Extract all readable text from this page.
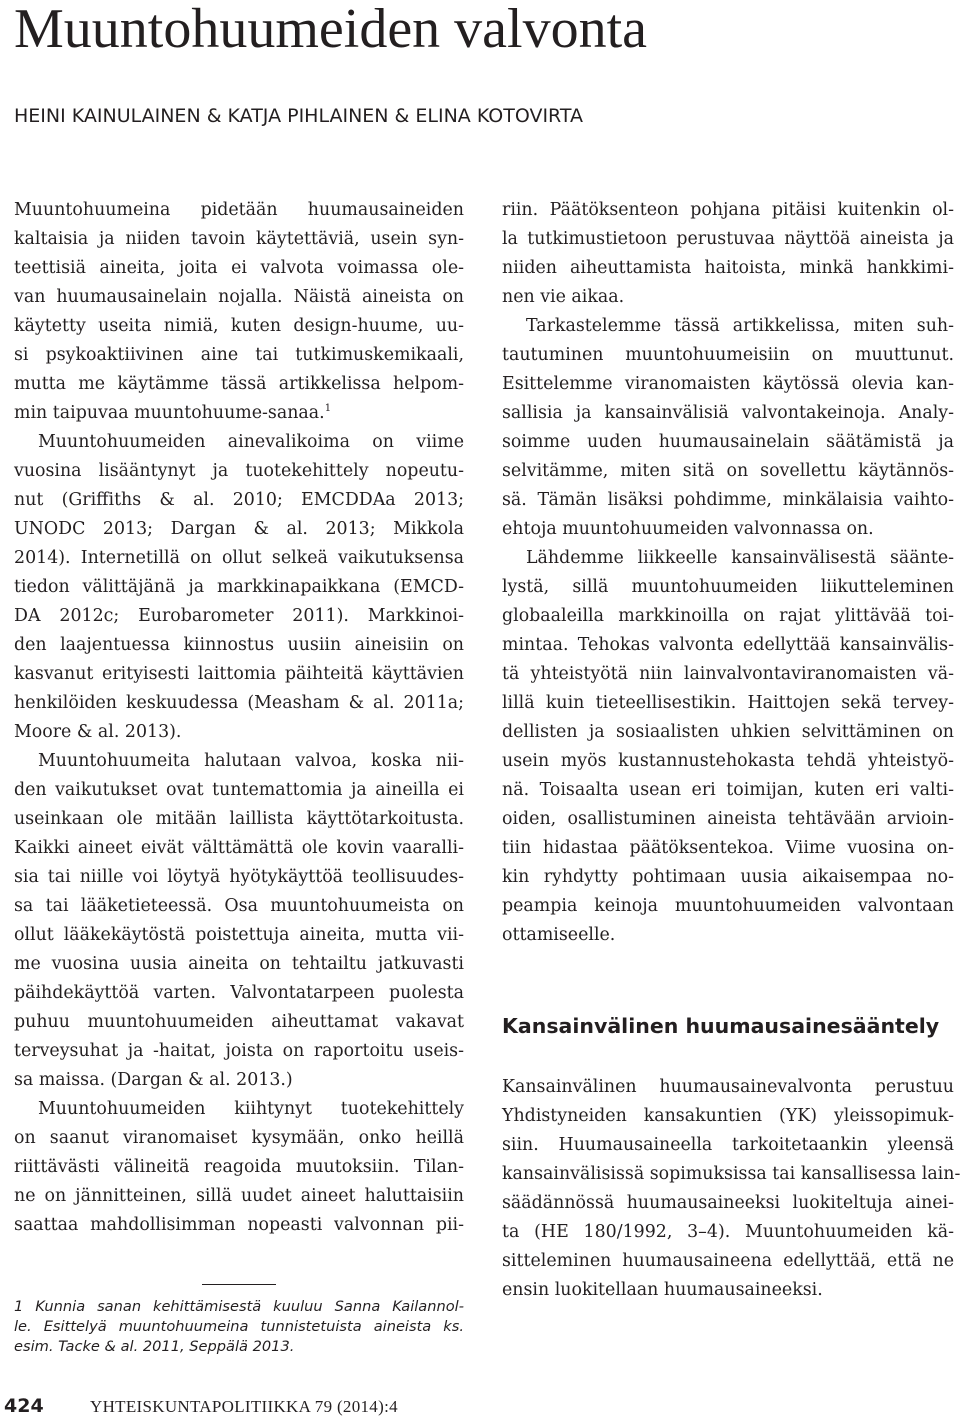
Muuntohuumeiden valvonta
HEINI KAINULAINEN & KATJA PIHLAINEN & ELINA KOTOVIRTA
Muuntohuumeina pidetään huumausaineiden
kaltaisia ja niiden tavoin käytettäviä, usein syn-
teettisiä aineita, joita ei valvota voimassa ole-
van huumausainelain nojalla. Näistä aineista on
käytetty useita nimiä, kuten design-huume, uu-
si psykoaktiivinen aine tai tutkimuskemikaali,
mutta me käytämme tässä artikkelissa helpom-
min taipuvaa muuntohuume-sanaa.$^1$
Muuntohuumeiden ainevalikoima on viime
vuosina lisääntynyt ja tuotekehittely nopeutu-
nut (Griffiths & al. 2010; EMCDDAa 2013;
UNODC 2013; Dargan & al. 2013; Mikkola
2014). Internetillä on ollut selkeä vaikutuksensa
tiedon välittäjänä ja markkinapaikkana (EMCD-
DA 2012c; Eurobarometer 2011). Markkinoi-
den laajentuessa kiinnostus uusiin aineisiin on
kasvanut erityisesti laittomia päihteitä käyttävien
henkilöiden keskuudessa (Measham & al. 2011a;
Moore & al. 2013).
Muuntohuumeita halutaan valvoa, koska nii-
den vaikutukset ovat tuntemattomia ja aineilla ei
useinkaan ole mitään laillista käyttötarkoitusta.
Kaikki aineet eivät välttämättä ole kovin vaaralli-
sia tai niille voi löytyä hyötykäyttöä teollisuudes-
sa tai lääketieteessä. Osa muuntohuumeista on
ollut lääkekäytöstä poistettuja aineita, mutta vii-
me vuosina uusia aineita on tehtailtu jatkuvasti
päihdekäyttöä varten. Valvontatarpeen puolesta
puhuu muuntohuumeiden aiheuttamat vakavat
terveysuhat ja -haitat, joista on raportoitu useis-
sa maissa. (Dargan & al. 2013.)
Muuntohuumeiden kiihtynyt tuotekehittely
on saanut viranomaiset kysymään, onko heillä
riittävästi välineitä reagoida muutoksiin. Tilan-
ne on jännitteinen, sillä uudet aineet haluttaisiin
saattaa mahdollisimman nopeasti valvonnan pii-
riin. Päätöksenteon pohjana pitäisi kuitenkin ol-
la tutkimustietoon perustuvaa näyttöä aineista ja
niiden aiheuttamista haitoista, minkä hankkimi-
nen vie aikaa.
Tarkastelemme tässä artikkelissa, miten suh-
tautuminen muuntohuumeisiin on muuttunut.
Esittelemme viranomaisten käytössä olevia kan-
sallisia ja kansainvälisiä valvontakeinoja. Analy-
soimme uuden huumausainelain säätämistä ja
selvitämme, miten sitä on sovellettu käytännös-
sä. Tämän lisäksi pohdimme, minkälaisia vaihto-
ehtoja muuntohuumeiden valvonnassa on.
Lähdemme liikkeelle kansainvälisestä säänte-
lystä, sillä muuntohuumeiden liikutteleminen
globaaleilla markkinoilla on rajat ylittävää toi-
mintaa. Tehokas valvonta edellyttää kansainvälis-
tä yhteistyötä niin lainvalvontaviranomaisten vä-
lillä kuin tieteellisestikin. Haittojen sekä tervey-
dellisten ja sosiaalisten uhkien selvittäminen on
usein myös kustannustehokasta tehdä yhteistyö-
nä. Toisaalta usean eri toimijan, kuten eri valti-
oiden, osallistuminen aineista tehtävään arvioin-
tiin hidastaa päätöksentekoa. Viime vuosina on-
kin ryhdytty pohtimaan uusia aikaisempaa no-
peampia keinoja muuntohuumeiden valvontaan
ottamiseelle.
Kansainvälinen huumausainesääntely
Kansainvälinen huumausainevalvonta perustuu
Yhdistyneiden kansakuntien (YK) yleissopimuk-
siin. Huumausaineella tarkoitetaankin yleensä
kansainvälisissä sopimuksissa tai kansallisessa lain-
säädännössä huumausaineeksi luokiteltuja ainei-
ta (HE 180/1992, 3–4). Muuntohuumeiden kä-
sitteleminen huumausaineena edellyttää, että ne
ensin luokitellaan huumausaineeksi.
1 Kunnia sanan kehittämisestä kuuluu Sanna Kailannol-
le. Esittelyä muuntohuumeina tunnistetuista aineista ks.
esim. Tacke & al. 2011, Seppälä 2013.
424	YHTEISKUNTAPOLITIIKKA 79 (2014):4
